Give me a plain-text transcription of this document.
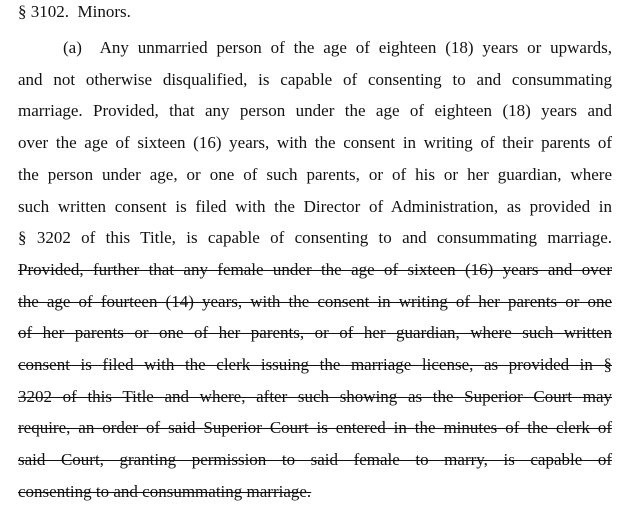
§ 3102. Minors.

(a) Any unmarried person of the age of eighteen (18) years or upwards,
and not otherwise disqualified, is capable of consenting to and consummating
marriage. Provided, that any person under the age of eighteen (18) years and
over the age of sixteen (16) years, with the consent in writing of their parents of
the person under age, or one of such parents, or of his or her guardian, where
such written consent is filed with the Director of Administration, as provided in
§ 3202 of this Title, is capable of consenting to and consummating marriage.
Provided, further that any female under the age of sixteen (16) years and over
the age of fourteen (14) years, with the consent in writing of her parents or one
of her parents or one of her parents, or of her guardian, where such written
consent is filed with the clerk issuing the marriage license, as provided in §
3202 of this Title and where, after such showing as the Superior Court may
require, an order of said Superior Court is entered in the minutes of the clerk of
said Court, granting permission to said female to marry, is capable of
consenting to and consummating marriage.
